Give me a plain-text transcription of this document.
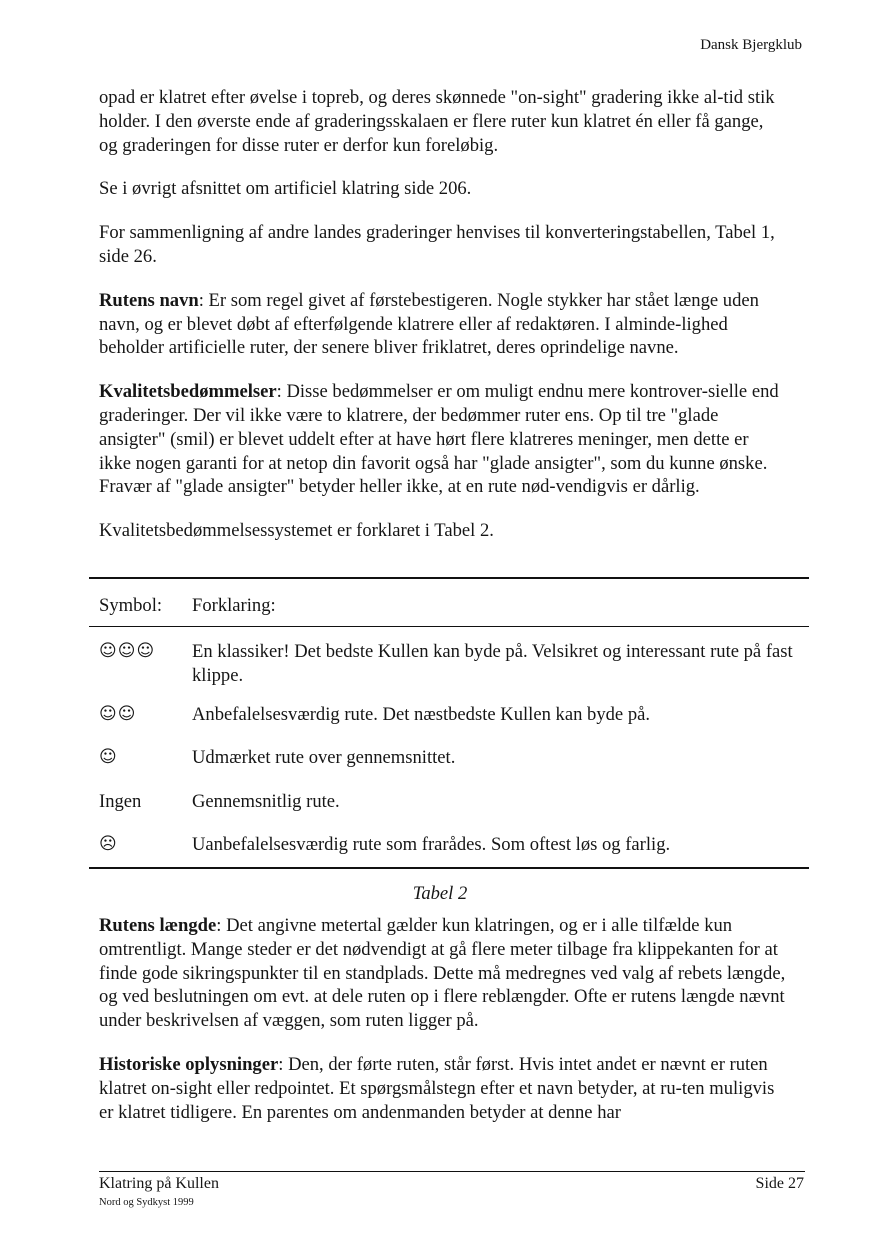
Dansk Bjergklub

opad er klatret efter øvelse i topreb, og deres skønnede "on-sight" gradering ikke al-tid stik holder. I den øverste ende af graderingsskalaen er flere ruter kun klatret én eller få gange, og graderingen for disse ruter er derfor kun foreløbig.

Se i øvrigt afsnittet om artificiel klatring side 206.

For sammenligning af andre landes graderinger henvises til konverteringstabellen, Tabel 1, side 26.

Rutens navn: Er som regel givet af førstebestigeren. Nogle stykker har stået længe uden navn, og er blevet døbt af efterfølgende klatrere eller af redaktøren. I alminde-lighed beholder artificielle ruter, der senere bliver friklatret, deres oprindelige navne.

Kvalitetsbedømmelser: Disse bedømmelser er om muligt endnu mere kontrover-sielle end graderinger. Der vil ikke være to klatrere, der bedømmer ruter ens. Op til tre "glade ansigter" (smil) er blevet uddelt efter at have hørt flere klatreres meninger, men dette er ikke nogen garanti for at netop din favorit også har "glade ansigter", som du kunne ønske. Fravær af "glade ansigter" betyder heller ikke, at en rute nød-vendigvis er dårlig.

Kvalitetsbedømmelsessystemet er forklaret i Tabel 2.

Symbol: Forklaring:
☺☺☺ En klassiker! Det bedste Kullen kan byde på. Velsikret og interessant rute på fast klippe.
☺☺	Anbefalelsesværdig rute. Det næstbedste Kullen kan byde på.
☺	Udmærket rute over gennemsnittet.
Ingen	Gennemsnitlig rute.
☹	Uanbefalelsesværdig rute som frarådes. Som oftest løs og farlig.
Tabel 2

Rutens længde: Det angivne metertal gælder kun klatringen, og er i alle tilfælde kun omtrentligt. Mange steder er det nødvendigt at gå flere meter tilbage fra klippekanten for at finde gode sikringspunkter til en standplads. Dette må medregnes ved valg af rebets længde, og ved beslutningen om evt. at dele ruten op i flere reblængder. Ofte er rutens længde nævnt under beskrivelsen af væggen, som ruten ligger på.

Historiske oplysninger: Den, der førte ruten, står først. Hvis intet andet er nævnt er ruten klatret on-sight eller redpointet. Et spørgsmålstegn efter et navn betyder, at ru-ten muligvis er klatret tidligere. En parentes om andenmanden betyder at denne har

Klatring på Kullen
Nord og Sydkyst 1999
Side 27
